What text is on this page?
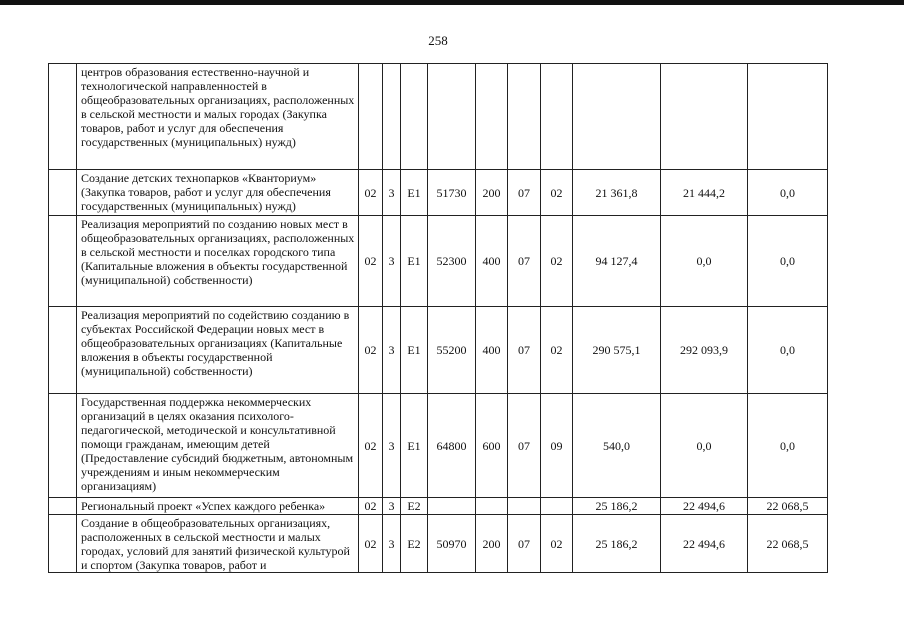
258
	центров образования естественно-научной и технологической направленностей в общеобразовательных организациях, расположенных в сельской местности и малых городах (Закупка товаров, работ и услуг для обеспечения государственных (муниципальных) нужд)										
	Создание детских технопарков «Кванториум» (Закупка товаров, работ и услуг для обеспечения государственных (муниципальных) нужд)	02	3	Е1	51730	200	07	02	21 361,8	21 444,2	0,0
	Реализация мероприятий по созданию новых мест в общеобразовательных организациях, расположенных в сельской местности и поселках городского типа (Капитальные вложения в объекты государственной (муниципальной) собственности)	02	3	Е1	52300	400	07	02	94 127,4	0,0	0,0
	Реализация мероприятий по содействию созданию в субъектах Российской Федерации новых мест в общеобразовательных организациях (Капитальные вложения в объекты государственной (муниципальной) собственности)	02	3	Е1	55200	400	07	02	290 575,1	292 093,9	0,0
	Государственная поддержка некоммерческих организаций в целях оказания психолого-педагогической, методической и консультативной помощи гражданам, имеющим детей (Предоставление субсидий бюджетным, автономным учреждениям и иным некоммерческим организациям)	02	3	Е1	64800	600	07	09	540,0	0,0	0,0
	Региональный проект «Успех каждого ребенка»	02	3	Е2					25 186,2	22 494,6	22 068,5
	Создание в общеобразовательных организациях, расположенных в сельской местности и малых городах, условий для занятий физической культурой и спортом (Закупка товаров, работ и	02	3	Е2	50970	200	07	02	25 186,2	22 494,6	22 068,5
